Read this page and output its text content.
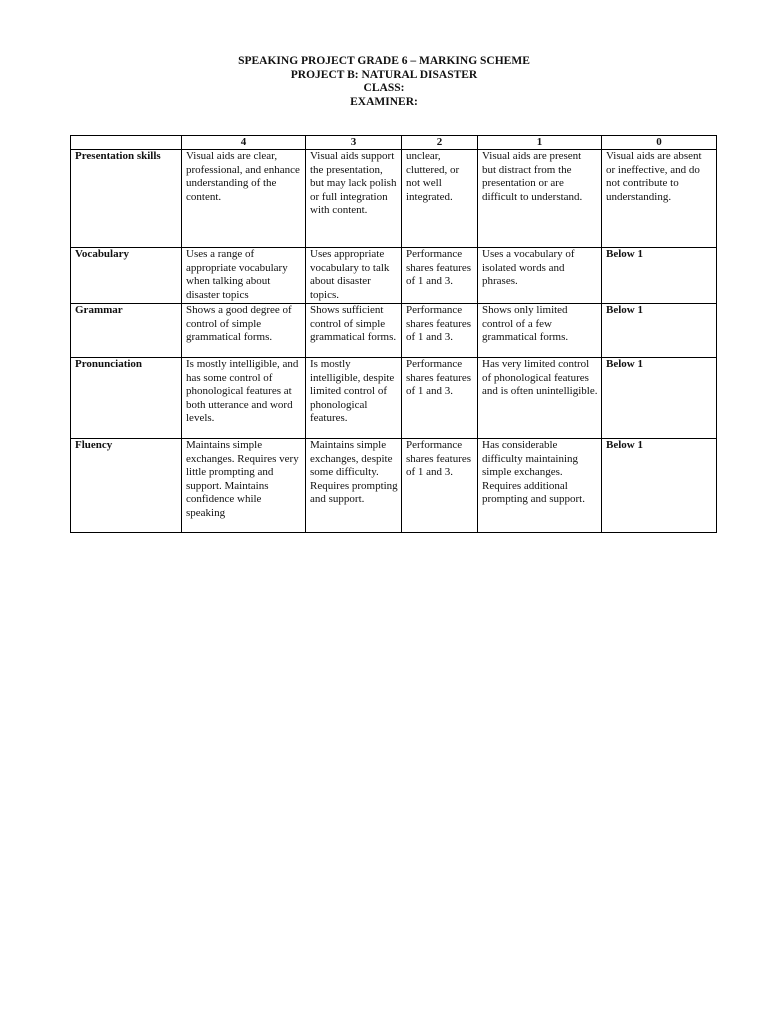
SPEAKING PROJECT GRADE 6 – MARKING SCHEME
PROJECT B: NATURAL DISASTER
CLASS:
EXAMINER:
	4	3	2	1	0
Presentation skills	Visual aids are clear, professional, and enhance understanding of the content.	Visual aids support the presentation, but may lack polish or full integration with content.	unclear, cluttered, or not well integrated.	Visual aids are present but distract from the presentation or are difficult to understand.	Visual aids are absent or ineffective, and do not contribute to understanding.
Vocabulary	Uses a range of appropriate vocabulary when talking about disaster topics	Uses appropriate vocabulary to talk about disaster topics.	Performance shares features of 1 and 3.	Uses a vocabulary of isolated words and phrases.	Below 1
Grammar	Shows a good degree of control of simple grammatical forms.	Shows sufficient control of simple grammatical forms.	Performance shares features of 1 and 3.	Shows only limited control of a few grammatical forms.	Below 1
Pronunciation	Is mostly intelligible, and has some control of phonological features at both utterance and word levels.	Is mostly intelligible, despite limited control of phonological features.	Performance shares features of 1 and 3.	Has very limited control of phonological features and is often unintelligible.	Below 1
Fluency	Maintains simple exchanges. Requires very little prompting and support. Maintains confidence while speaking	Maintains simple exchanges, despite some difficulty. Requires prompting and support.	Performance shares features of 1 and 3.	Has considerable difficulty maintaining simple exchanges. Requires additional prompting and support.	Below 1
